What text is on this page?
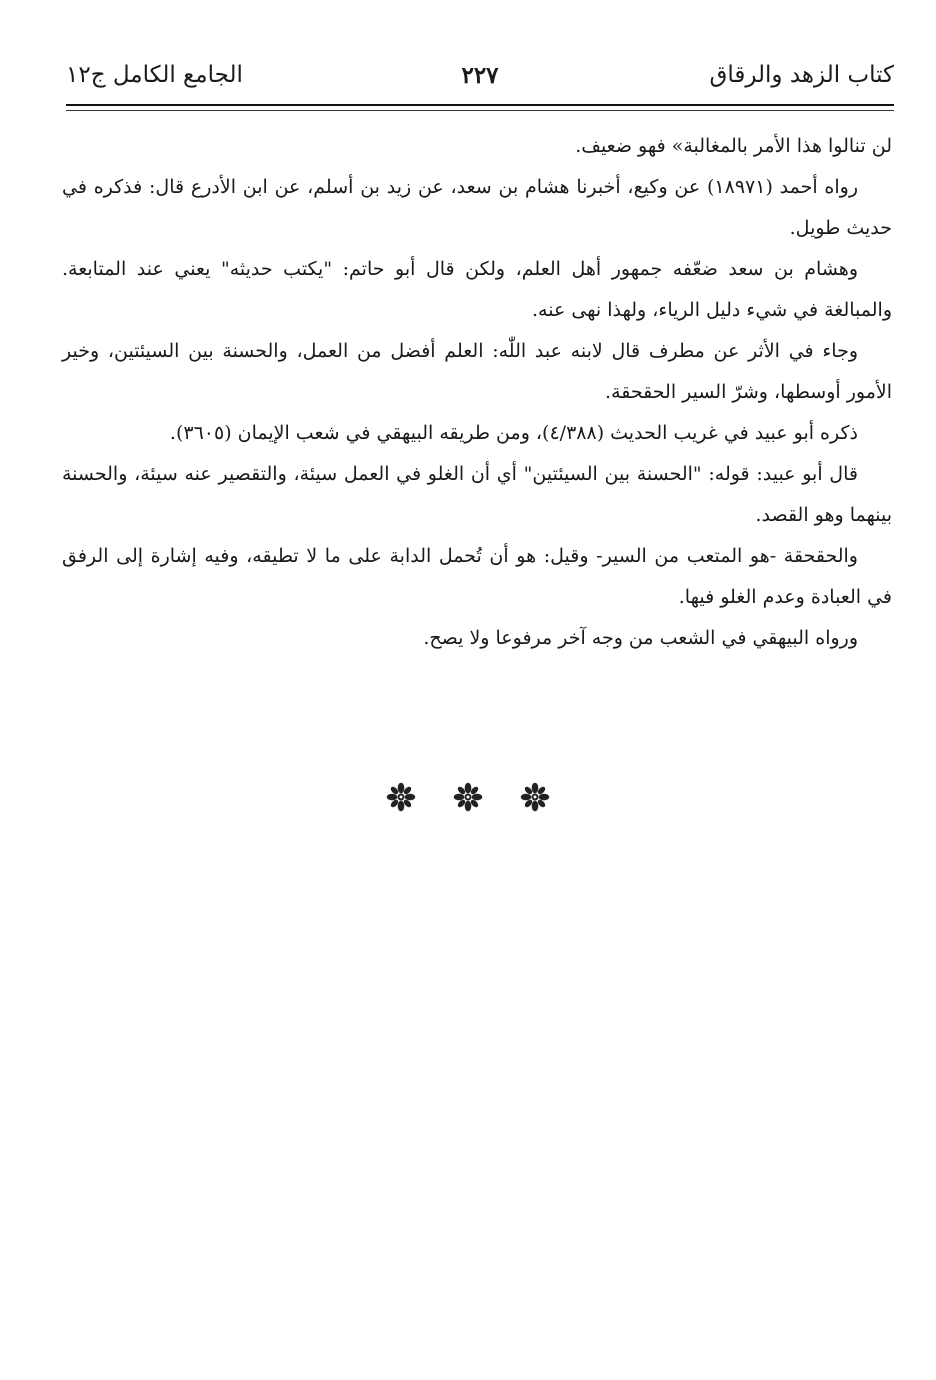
كتاب الزهد والرقاق
٢٢٧
الجامع الكامل ج١٢

لن تنالوا هذا الأمر بالمغالبة» فهو ضعيف.

رواه أحمد (١٨٩٧١) عن وكيع، أخبرنا هشام بن سعد، عن زيد بن أسلم، عن ابن الأدرع قال: فذكره في حديث طويل.

وهشام بن سعد ضعّفه جمهور أهل العلم، ولكن قال أبو حاتم: "يكتب حديثه" يعني عند المتابعة. والمبالغة في شيء دليل الرياء، ولهذا نهى عنه.

وجاء في الأثر عن مطرف قال لابنه عبد اللّٰه: العلم أفضل من العمل، والحسنة بين السيئتين، وخير الأمور أوسطها، وشرّ السير الحقحقة.

ذكره أبو عبيد في غريب الحديث (٤/٣٨٨)، ومن طريقه البيهقي في شعب الإيمان (٣٦٠٥).

قال أبو عبيد: قوله: "الحسنة بين السيئتين" أي أن الغلو في العمل سيئة، والتقصير عنه سيئة، والحسنة بينهما وهو القصد.

والحقحقة -هو المتعب من السير- وقيل: هو أن تُحمل الدابة على ما لا تطيقه، وفيه إشارة إلى الرفق في العبادة وعدم الغلو فيها.

ورواه البيهقي في الشعب من وجه آخر مرفوعا ولا يصح.
